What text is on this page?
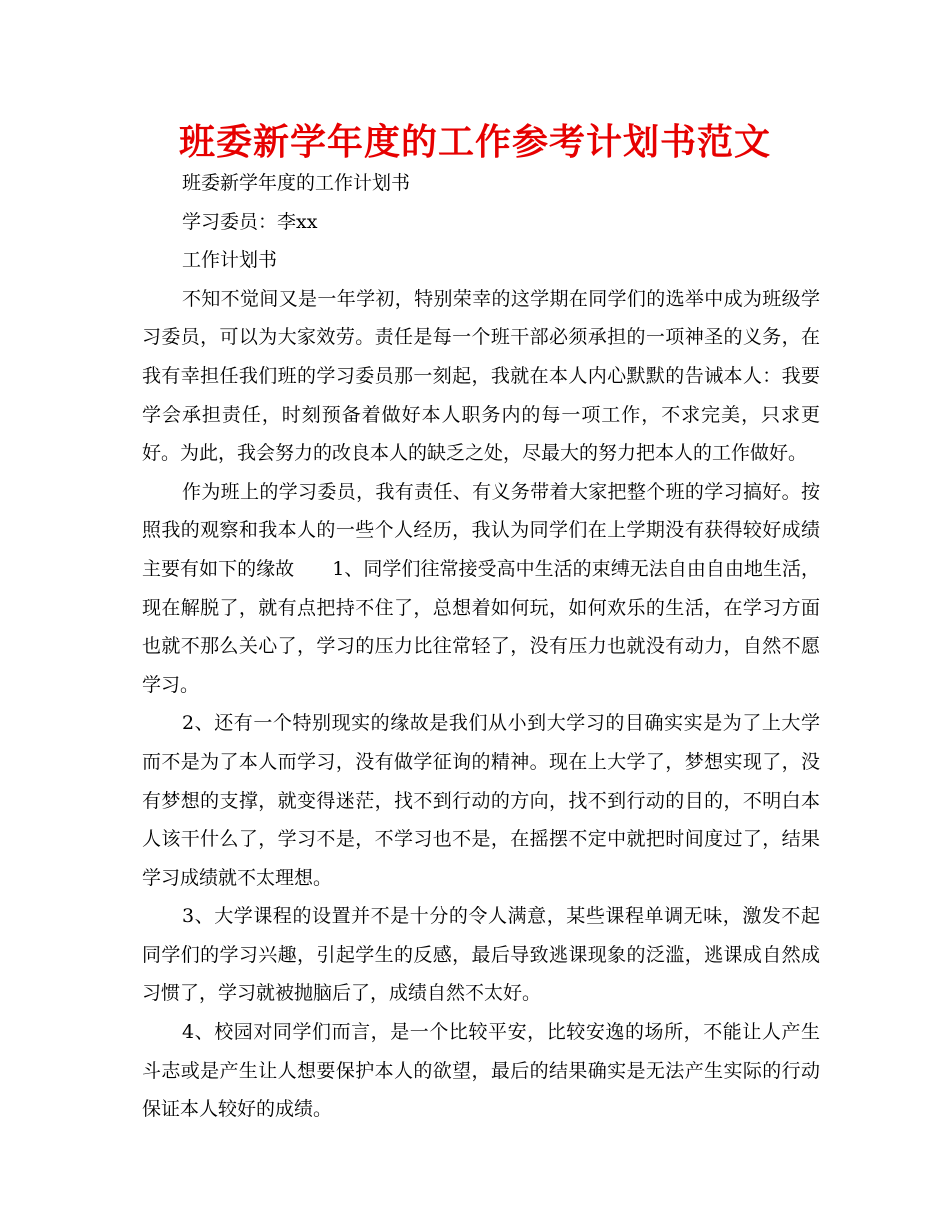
班委新学年度的工作参考计划书范文

班委新学年度的工作计划书

学习委员：李xx

工作计划书

不知不觉间又是一年学初，特别荣幸的这学期在同学们的选举中成为班级学习委员，可以为大家效劳。责任是每一个班干部必须承担的一项神圣的义务，在我有幸担任我们班的学习委员那一刻起，我就在本人内心默默的告诫本人：我要学会承担责任，时刻预备着做好本人职务内的每一项工作，不求完美，只求更好。为此，我会努力的改良本人的缺乏之处，尽最大的努力把本人的工作做好。

作为班上的学习委员，我有责任、有义务带着大家把整个班的学习搞好。按照我的观察和我本人的一些个人经历，我认为同学们在上学期没有获得较好成绩主要有如下的缘故　　1、同学们往常接受高中生活的束缚无法自由自由地生活，现在解脱了，就有点把持不住了，总想着如何玩，如何欢乐的生活，在学习方面也就不那么关心了，学习的压力比往常轻了，没有压力也就没有动力，自然不愿学习。

2、还有一个特别现实的缘故是我们从小到大学习的目确实实是为了上大学而不是为了本人而学习，没有做学征询的精神。现在上大学了，梦想实现了，没有梦想的支撑，就变得迷茫，找不到行动的方向，找不到行动的目的，不明白本人该干什么了，学习不是，不学习也不是，在摇摆不定中就把时间度过了，结果学习成绩就不太理想。

3、大学课程的设置并不是十分的令人满意，某些课程单调无味，激发不起同学们的学习兴趣，引起学生的反感，最后导致逃课现象的泛滥，逃课成自然成习惯了，学习就被抛脑后了，成绩自然不太好。

4、校园对同学们而言，是一个比较平安，比较安逸的场所，不能让人产生斗志或是产生让人想要保护本人的欲望，最后的结果确实是无法产生实际的行动保证本人较好的成绩。
